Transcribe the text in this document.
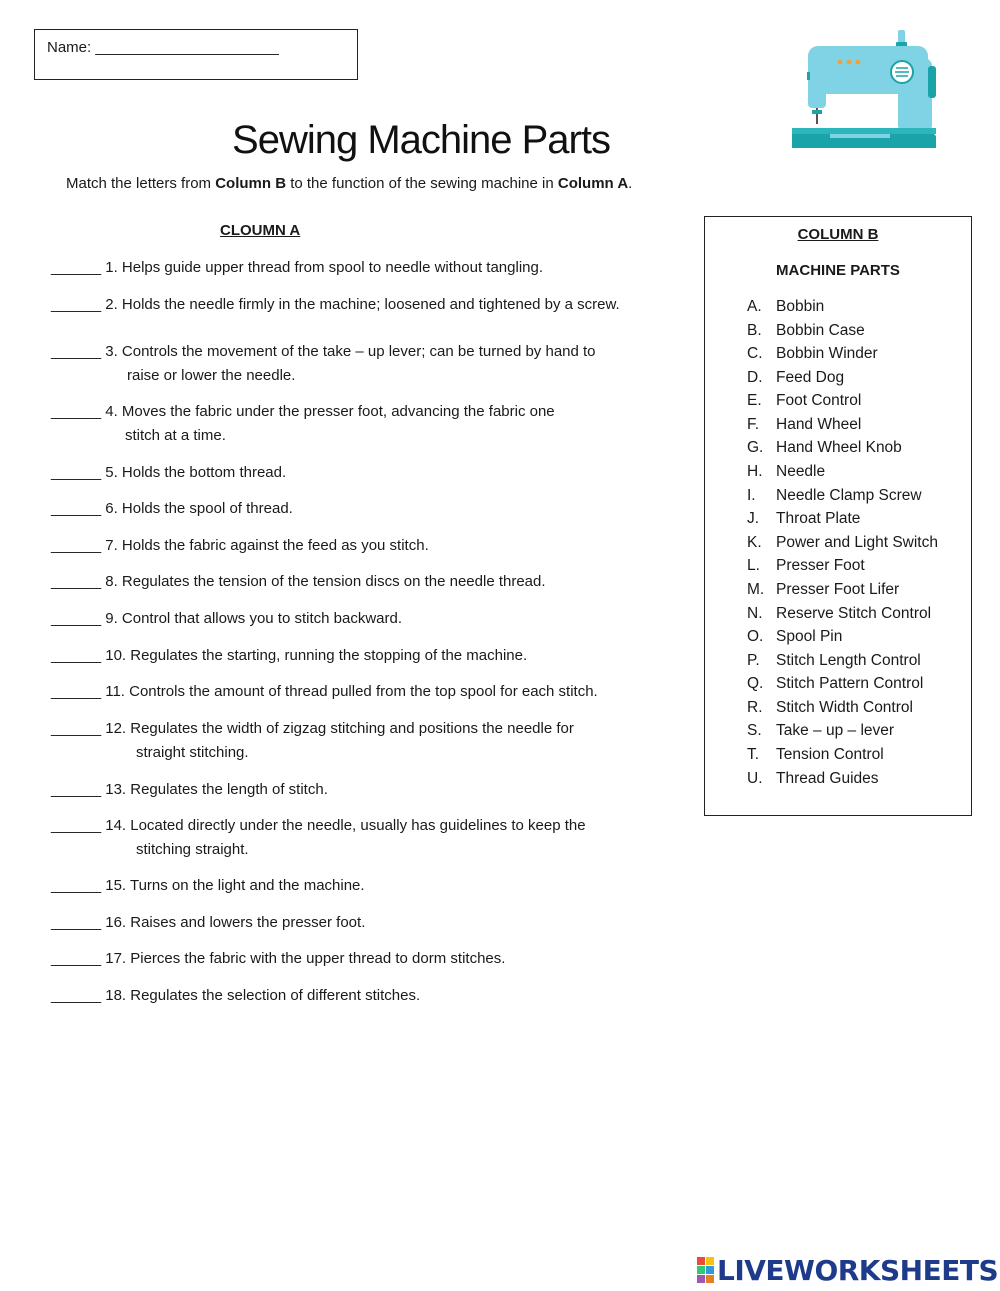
Name: ______________________
Sewing Machine Parts
Match the letters from Column B to the function of the sewing machine in Column A.
CLOUMN A
______ 1. Helps guide upper thread from spool to needle without tangling.
______ 2. Holds the needle firmly in the machine; loosened and tightened by a screw.
______ 3. Controls the movement of the take – up lever; can be turned by hand to
raise or lower the needle.
______ 4. Moves the fabric under the presser foot, advancing the fabric one
stitch at a time.
______ 5. Holds the bottom thread.
______ 6. Holds the spool of thread.
______ 7. Holds the fabric against the feed as you stitch.
______ 8. Regulates the tension of the tension discs on the needle thread.
______ 9. Control that allows you to stitch backward.
______ 10. Regulates the starting, running the stopping of the machine.
______ 11. Controls the amount of thread pulled from the top spool for each stitch.
______ 12. Regulates the width of zigzag stitching and positions the needle for
straight stitching.
______ 13. Regulates the length of stitch.
______ 14. Located directly under the needle, usually has guidelines to keep the
stitching straight.
______ 15. Turns on the light and the machine.
______ 16. Raises and lowers the presser foot.
______ 17. Pierces the fabric with the upper thread to dorm stitches.
______ 18. Regulates the selection of different stitches.
COLUMN B
MACHINE PARTS
A. Bobbin
B. Bobbin Case
C. Bobbin Winder
D. Feed Dog
E. Foot Control
F. Hand Wheel
G. Hand Wheel Knob
H. Needle
I. Needle Clamp Screw
J. Throat Plate
K. Power and Light Switch
L. Presser Foot
M. Presser Foot Lifer
N. Reserve Stitch Control
O. Spool Pin
P. Stitch Length Control
Q. Stitch Pattern Control
R. Stitch Width Control
S. Take – up – lever
T. Tension Control
U. Thread Guides
LIVEWORKSHEETS
